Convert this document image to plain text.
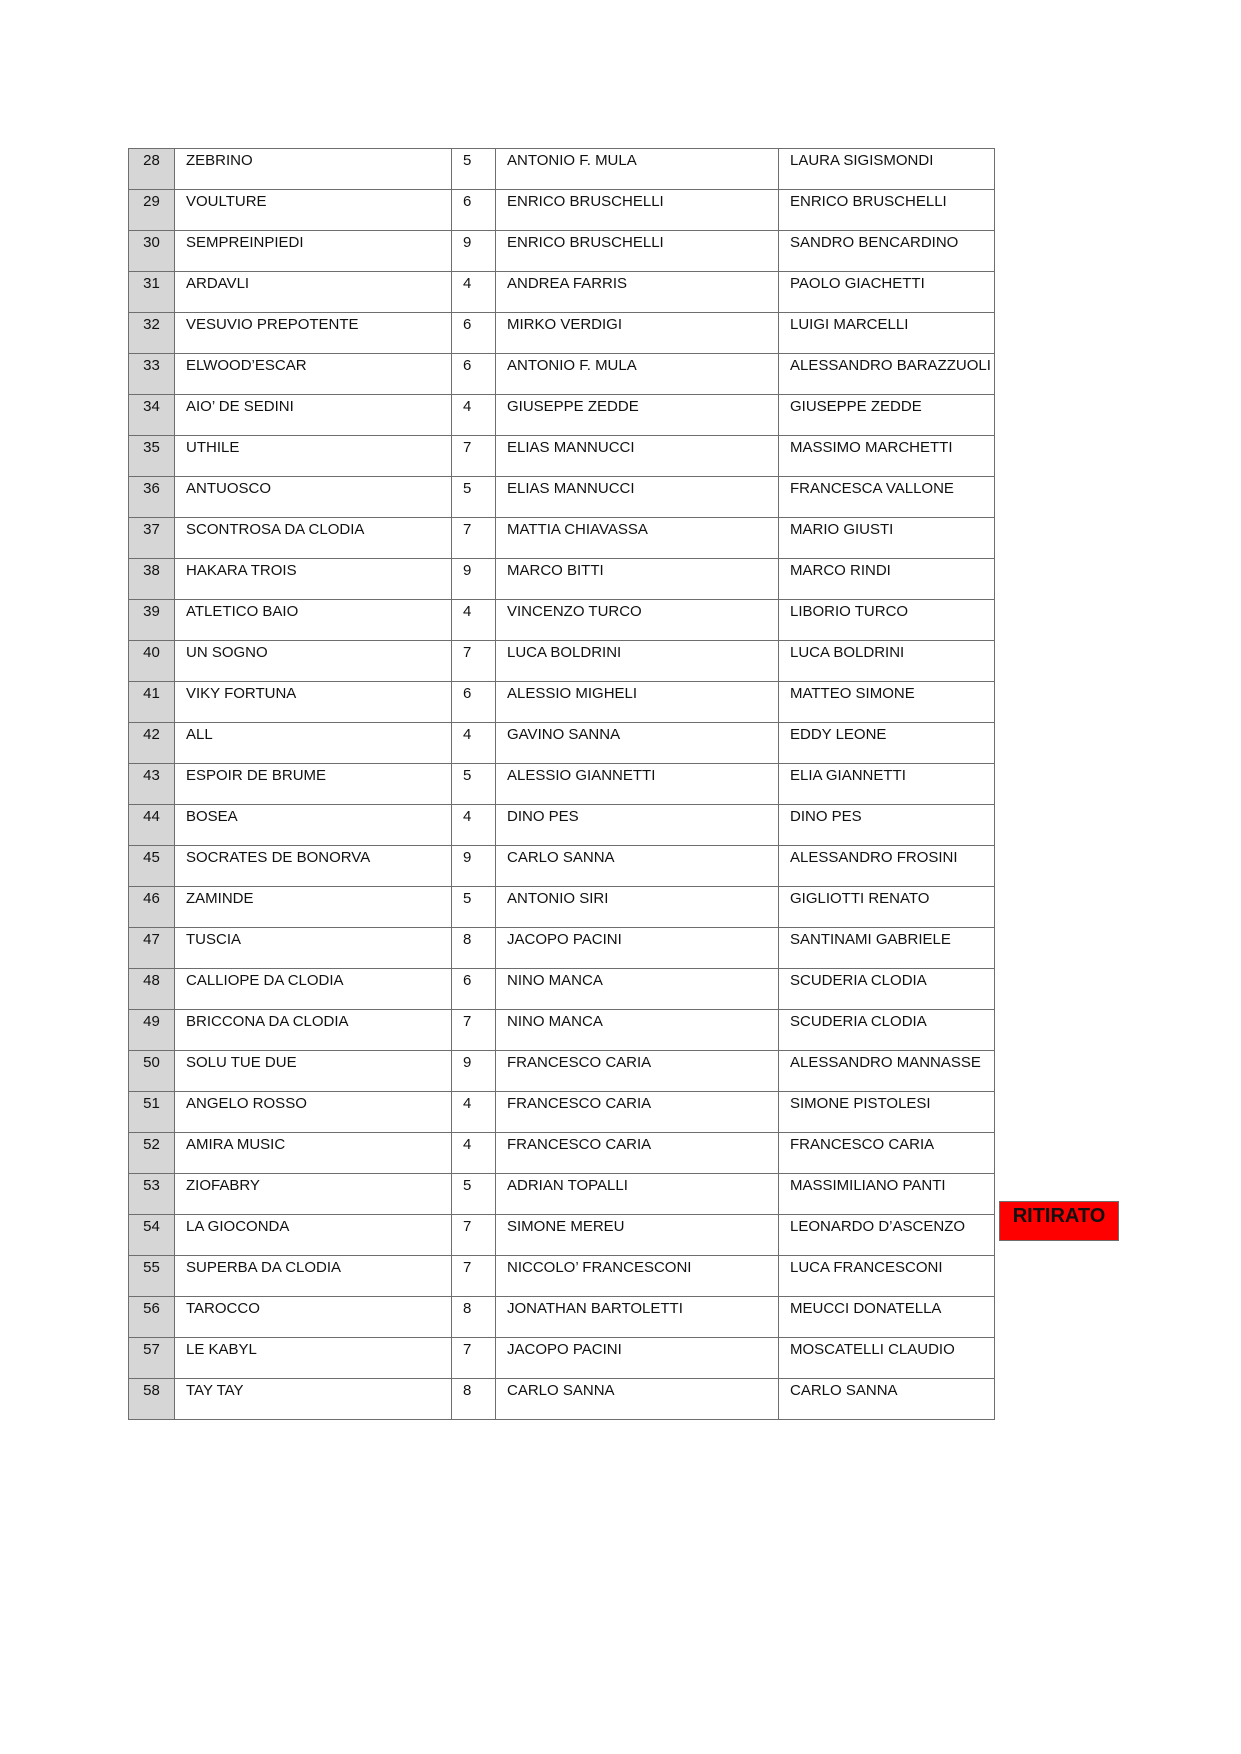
28	ZEBRINO	5	ANTONIO F. MULA	LAURA SIGISMONDI

29	VOULTURE	6	ENRICO BRUSCHELLI	ENRICO BRUSCHELLI

30	SEMPREINPIEDI	9	ENRICO BRUSCHELLI	SANDRO BENCARDINO

31	ARDAVLI	4	ANDREA FARRIS	PAOLO GIACHETTI

32	VESUVIO PREPOTENTE	6	MIRKO VERDIGI	LUIGI MARCELLI

33	ELWOOD’ESCAR	6	ANTONIO F. MULA	ALESSANDRO BARAZZUOLI

34	AIO’ DE SEDINI	4	GIUSEPPE ZEDDE	GIUSEPPE ZEDDE

35	UTHILE	7	ELIAS MANNUCCI	MASSIMO MARCHETTI

36	ANTUOSCO	5	ELIAS MANNUCCI	FRANCESCA VALLONE

37	SCONTROSA DA CLODIA	7	MATTIA CHIAVASSA	MARIO GIUSTI

38	HAKARA TROIS	9	MARCO BITTI	MARCO RINDI

39	ATLETICO BAIO	4	VINCENZO TURCO	LIBORIO TURCO

40	UN SOGNO	7	LUCA BOLDRINI	LUCA BOLDRINI

41	VIKY FORTUNA	6	ALESSIO MIGHELI	MATTEO SIMONE

42	ALL	4	GAVINO SANNA	EDDY LEONE

43	ESPOIR DE BRUME	5	ALESSIO GIANNETTI	ELIA GIANNETTI

44	BOSEA	4	DINO PES	DINO PES

45	SOCRATES DE BONORVA	9	CARLO SANNA	ALESSANDRO FROSINI

46	ZAMINDE	5	ANTONIO SIRI	GIGLIOTTI RENATO

47	TUSCIA	8	JACOPO PACINI	SANTINAMI GABRIELE

48	CALLIOPE DA CLODIA	6	NINO MANCA	SCUDERIA CLODIA

49	BRICCONA DA CLODIA	7	NINO MANCA	SCUDERIA CLODIA

50	SOLU TUE DUE	9	FRANCESCO CARIA	ALESSANDRO MANNASSE

51	ANGELO ROSSO	4	FRANCESCO CARIA	SIMONE PISTOLESI

52	AMIRA MUSIC	4	FRANCESCO CARIA	FRANCESCO CARIA

53	ZIOFABRY	5	ADRIAN TOPALLI	MASSIMILIANO PANTI

54	LA GIOCONDA	7	SIMONE MEREU	LEONARDO D’ASCENZO

55	SUPERBA DA CLODIA	7	NICCOLO’ FRANCESCONI	LUCA FRANCESCONI

56	TAROCCO	8	JONATHAN BARTOLETTI	MEUCCI DONATELLA

57	LE KABYL	7	JACOPO PACINI	MOSCATELLI CLAUDIO

58	TAY TAY	8	CARLO SANNA	CARLO SANNA
RITIRATO
